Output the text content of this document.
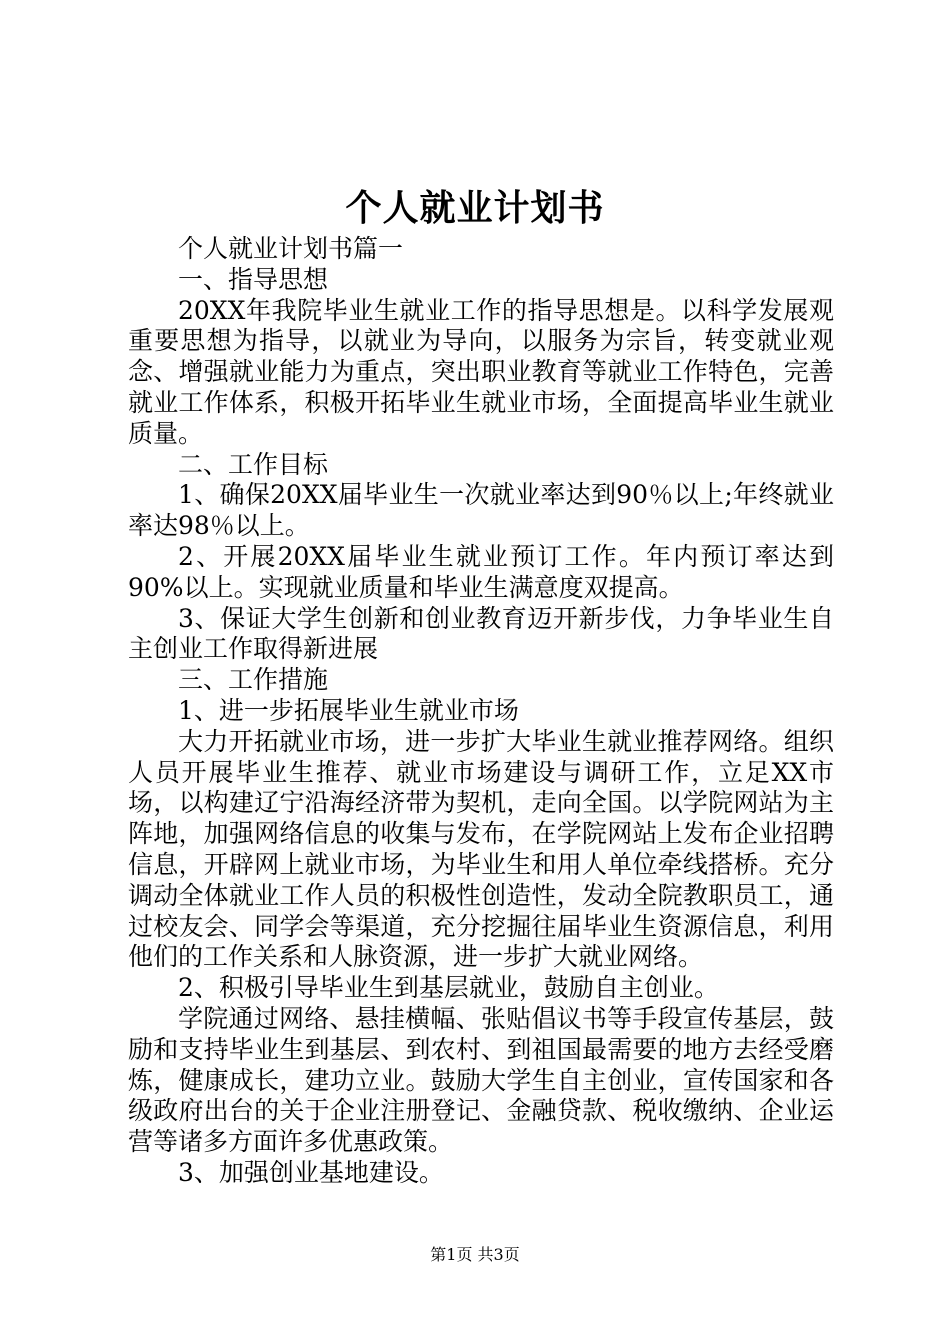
个人就业计划书

个人就业计划书篇一

一、指导思想

20XX年我院毕业生就业工作的指导思想是。以科学发展观重要思想为指导，以就业为导向，以服务为宗旨，转变就业观念、增强就业能力为重点，突出职业教育等就业工作特色，完善就业工作体系，积极开拓毕业生就业市场，全面提高毕业生就业质量。

二、工作目标

1、确保20XX届毕业生一次就业率达到90％以上;年终就业率达98％以上。

2、开展20XX届毕业生就业预订工作。年内预订率达到90%以上。实现就业质量和毕业生满意度双提高。

3、保证大学生创新和创业教育迈开新步伐，力争毕业生自主创业工作取得新进展

三、工作措施

1、进一步拓展毕业生就业市场

大力开拓就业市场，进一步扩大毕业生就业推荐网络。组织人员开展毕业生推荐、就业市场建设与调研工作，立足XX市场，以构建辽宁沿海经济带为契机，走向全国。以学院网站为主阵地，加强网络信息的收集与发布，在学院网站上发布企业招聘信息，开辟网上就业市场，为毕业生和用人单位牵线搭桥。充分调动全体就业工作人员的积极性创造性，发动全院教职员工，通过校友会、同学会等渠道，充分挖掘往届毕业生资源信息，利用他们的工作关系和人脉资源，进一步扩大就业网络。

2、积极引导毕业生到基层就业，鼓励自主创业。

学院通过网络、悬挂横幅、张贴倡议书等手段宣传基层，鼓励和支持毕业生到基层、到农村、到祖国最需要的地方去经受磨炼，健康成长，建功立业。鼓励大学生自主创业，宣传国家和各级政府出台的关于企业注册登记、金融贷款、税收缴纳、企业运营等诸多方面许多优惠政策。

3、加强创业基地建设。

第1页 共3页
